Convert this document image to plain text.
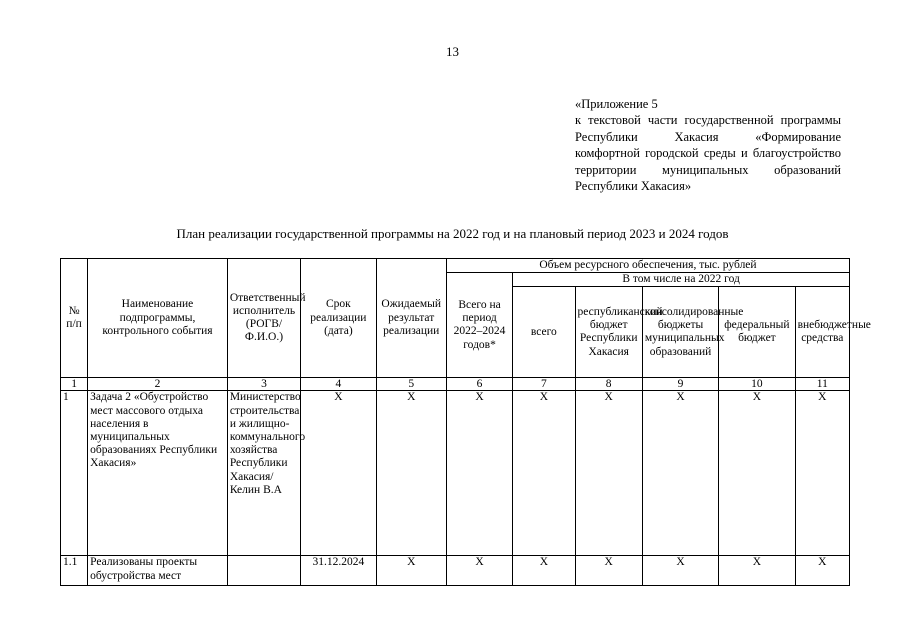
13
«Приложение 5
к текстовой части государственной программы Республики Хакасия «Формирование комфортной городской среды и благоустройство территории муниципальных образований Республики Хакасия»
План реализации государственной программы на 2022 год и на плановый период 2023 и 2024 годов
№ п/п	Наименование подпрограммы, контрольного события	Ответственный исполнитель (РОГВ/ Ф.И.О.)	Срок реализации (дата)	Ожидаемый результат реализации	Объем ресурсного обеспечения, тыс. рублей					
					Всего на период 2022–2024 годов*	В том числе на 2022 год				
						всего	республиканский бюджет Республики Хакасия	консолидированные бюджеты муниципальных образований	федеральный бюджет	внебюджетные средства
1	2	3	4	5	6	7	8	9	10	11
1	Задача 2 «Обустройство мест массового отдыха населения в муниципальных образованиях Республики Хакасия»	Министерство строительства и жилищно-коммунального хозяйства Республики Хакасия/ Келин В.А	X	X	X	X	X	X	X	X
1.1	Реализованы проекты обустройства мест		31.12.2024	X	X	X	X	X	X	X
